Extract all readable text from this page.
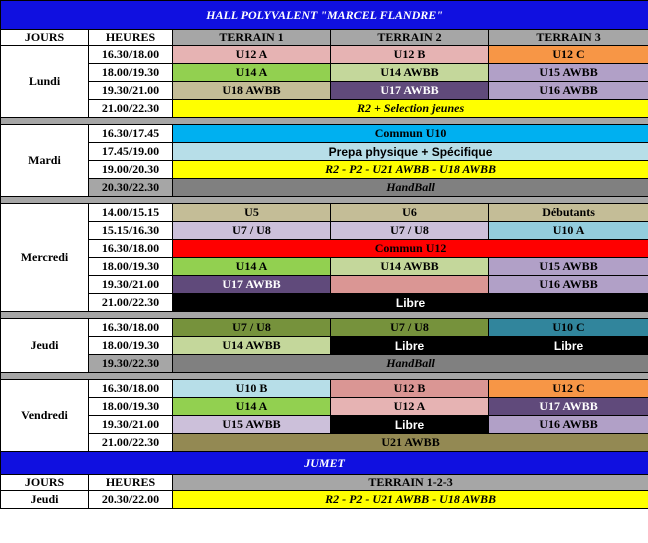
HALL POLYVALENT "MARCEL FLANDRE"				
JOURS	HEURES	TERRAIN 1	TERRAIN 2	TERRAIN 3
Lundi	16.30/18.00	U12 A	U12 B	U12 C
	18.00/19.30	U14 A	U14 AWBB	U15 AWBB
	19.30/21.00	U18 AWBB	U17 AWBB	U16 AWBB
	21.00/22.30	R2 + Selection jeunes		

Mardi	16.30/17.45	Commun U10		
	17.45/19.00	Prepa physique + Spécifique		
	19.00/20.30	R2 - P2 - U21 AWBB - U18 AWBB		
	20.30/22.30	HandBall		

Mercredi	14.00/15.15	U5	U6	Débutants
	15.15/16.30	U7 / U8	U7 / U8	U10 A
	16.30/18.00	Commun U12		
	18.00/19.30	U14 A	U14 AWBB	U15 AWBB
	19.30/21.00	U17 AWBB		U16 AWBB
	21.00/22.30	Libre		

Jeudi	16.30/18.00	U7 / U8	U7 / U8	U10 C
	18.00/19.30	U14 AWBB	Libre	Libre
	19.30/22.30	HandBall		

Vendredi	16.30/18.00	U10 B	U12 B	U12 C
	18.00/19.30	U14 A	U12 A	U17 AWBB
	19.30/21.00	U15 AWBB	Libre	U16 AWBB
	21.00/22.30	U21 AWBB		
JUMET				
JOURS	HEURES	TERRAIN 1-2-3		
Jeudi	20.30/22.00	R2 - P2 - U21 AWBB - U18 AWBB		
